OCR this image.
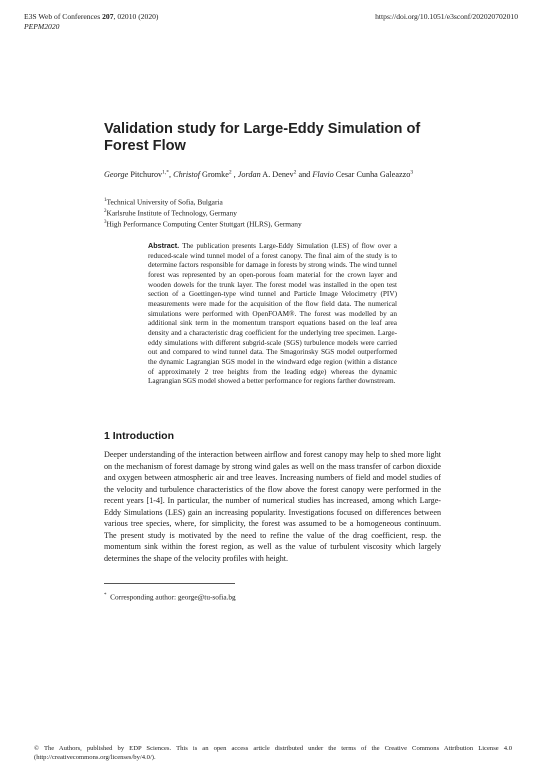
E3S Web of Conferences 207, 02010 (2020)
PEPM2020
https://doi.org/10.1051/e3sconf/202020702010
Validation study for Large-Eddy Simulation of Forest Flow
George Pitchurov$^{1,*}$, Christof Gromke$^2$ , Jordan A. Denev$^2$ and Flavio Cesar Cunha Galeazzo$^3$
$^1$Technical University of Sofia, Bulgaria
$^2$Karlsruhe Institute of Technology, Germany
$^3$High Performance Computing Center Stuttgart (HLRS), Germany
Abstract. The publication presents Large-Eddy Simulation (LES) of flow over a reduced-scale wind tunnel model of a forest canopy. The final aim of the study is to determine factors responsible for damage in forests by strong winds. The wind tunnel forest was represented by an open-porous foam material for the crown layer and wooden dowels for the trunk layer. The forest model was installed in the open test section of a Goettingen-type wind tunnel and Particle Image Velocimetry (PIV) measurements were made for the acquisition of the flow field data. The numerical simulations were performed with OpenFOAM®. The forest was modelled by an additional sink term in the momentum transport equations based on the leaf area density and a characteristic drag coefficient for the underlying tree specimen. Large-eddy simulations with different subgrid-scale (SGS) turbulence models were carried out and compared to wind tunnel data. The Smagorinsky SGS model outperformed the dynamic Lagrangian SGS model in the windward edge region (within a distance of approximately 2 tree heights from the leading edge) whereas the dynamic Lagrangian SGS model showed a better performance for regions farther downstream.
1 Introduction
Deeper understanding of the interaction between airflow and forest canopy may help to shed more light on the mechanism of forest damage by strong wind gales as well on the mass transfer of carbon dioxide and oxygen between atmospheric air and tree leaves. Increasing numbers of field and model studies of the velocity and turbulence characteristics of the flow above the forest canopy were performed in the recent years [1-4]. In particular, the number of numerical studies has increased, among which Large-Eddy Simulations (LES) gain an increasing popularity. Investigations focused on differences between various tree species, where, for simplicity, the forest was assumed to be a homogeneous continuum. The present study is motivated by the need to refine the value of the drag coefficient, resp. the momentum sink within the forest region, as well as the value of turbulent viscosity which largely determines the shape of the velocity profiles with height.
* Corresponding author: george@tu-sofia.bg
© The Authors, published by EDP Sciences. This is an open access article distributed under the terms of the Creative Commons Attribution License 4.0 (http://creativecommons.org/licenses/by/4.0/).
